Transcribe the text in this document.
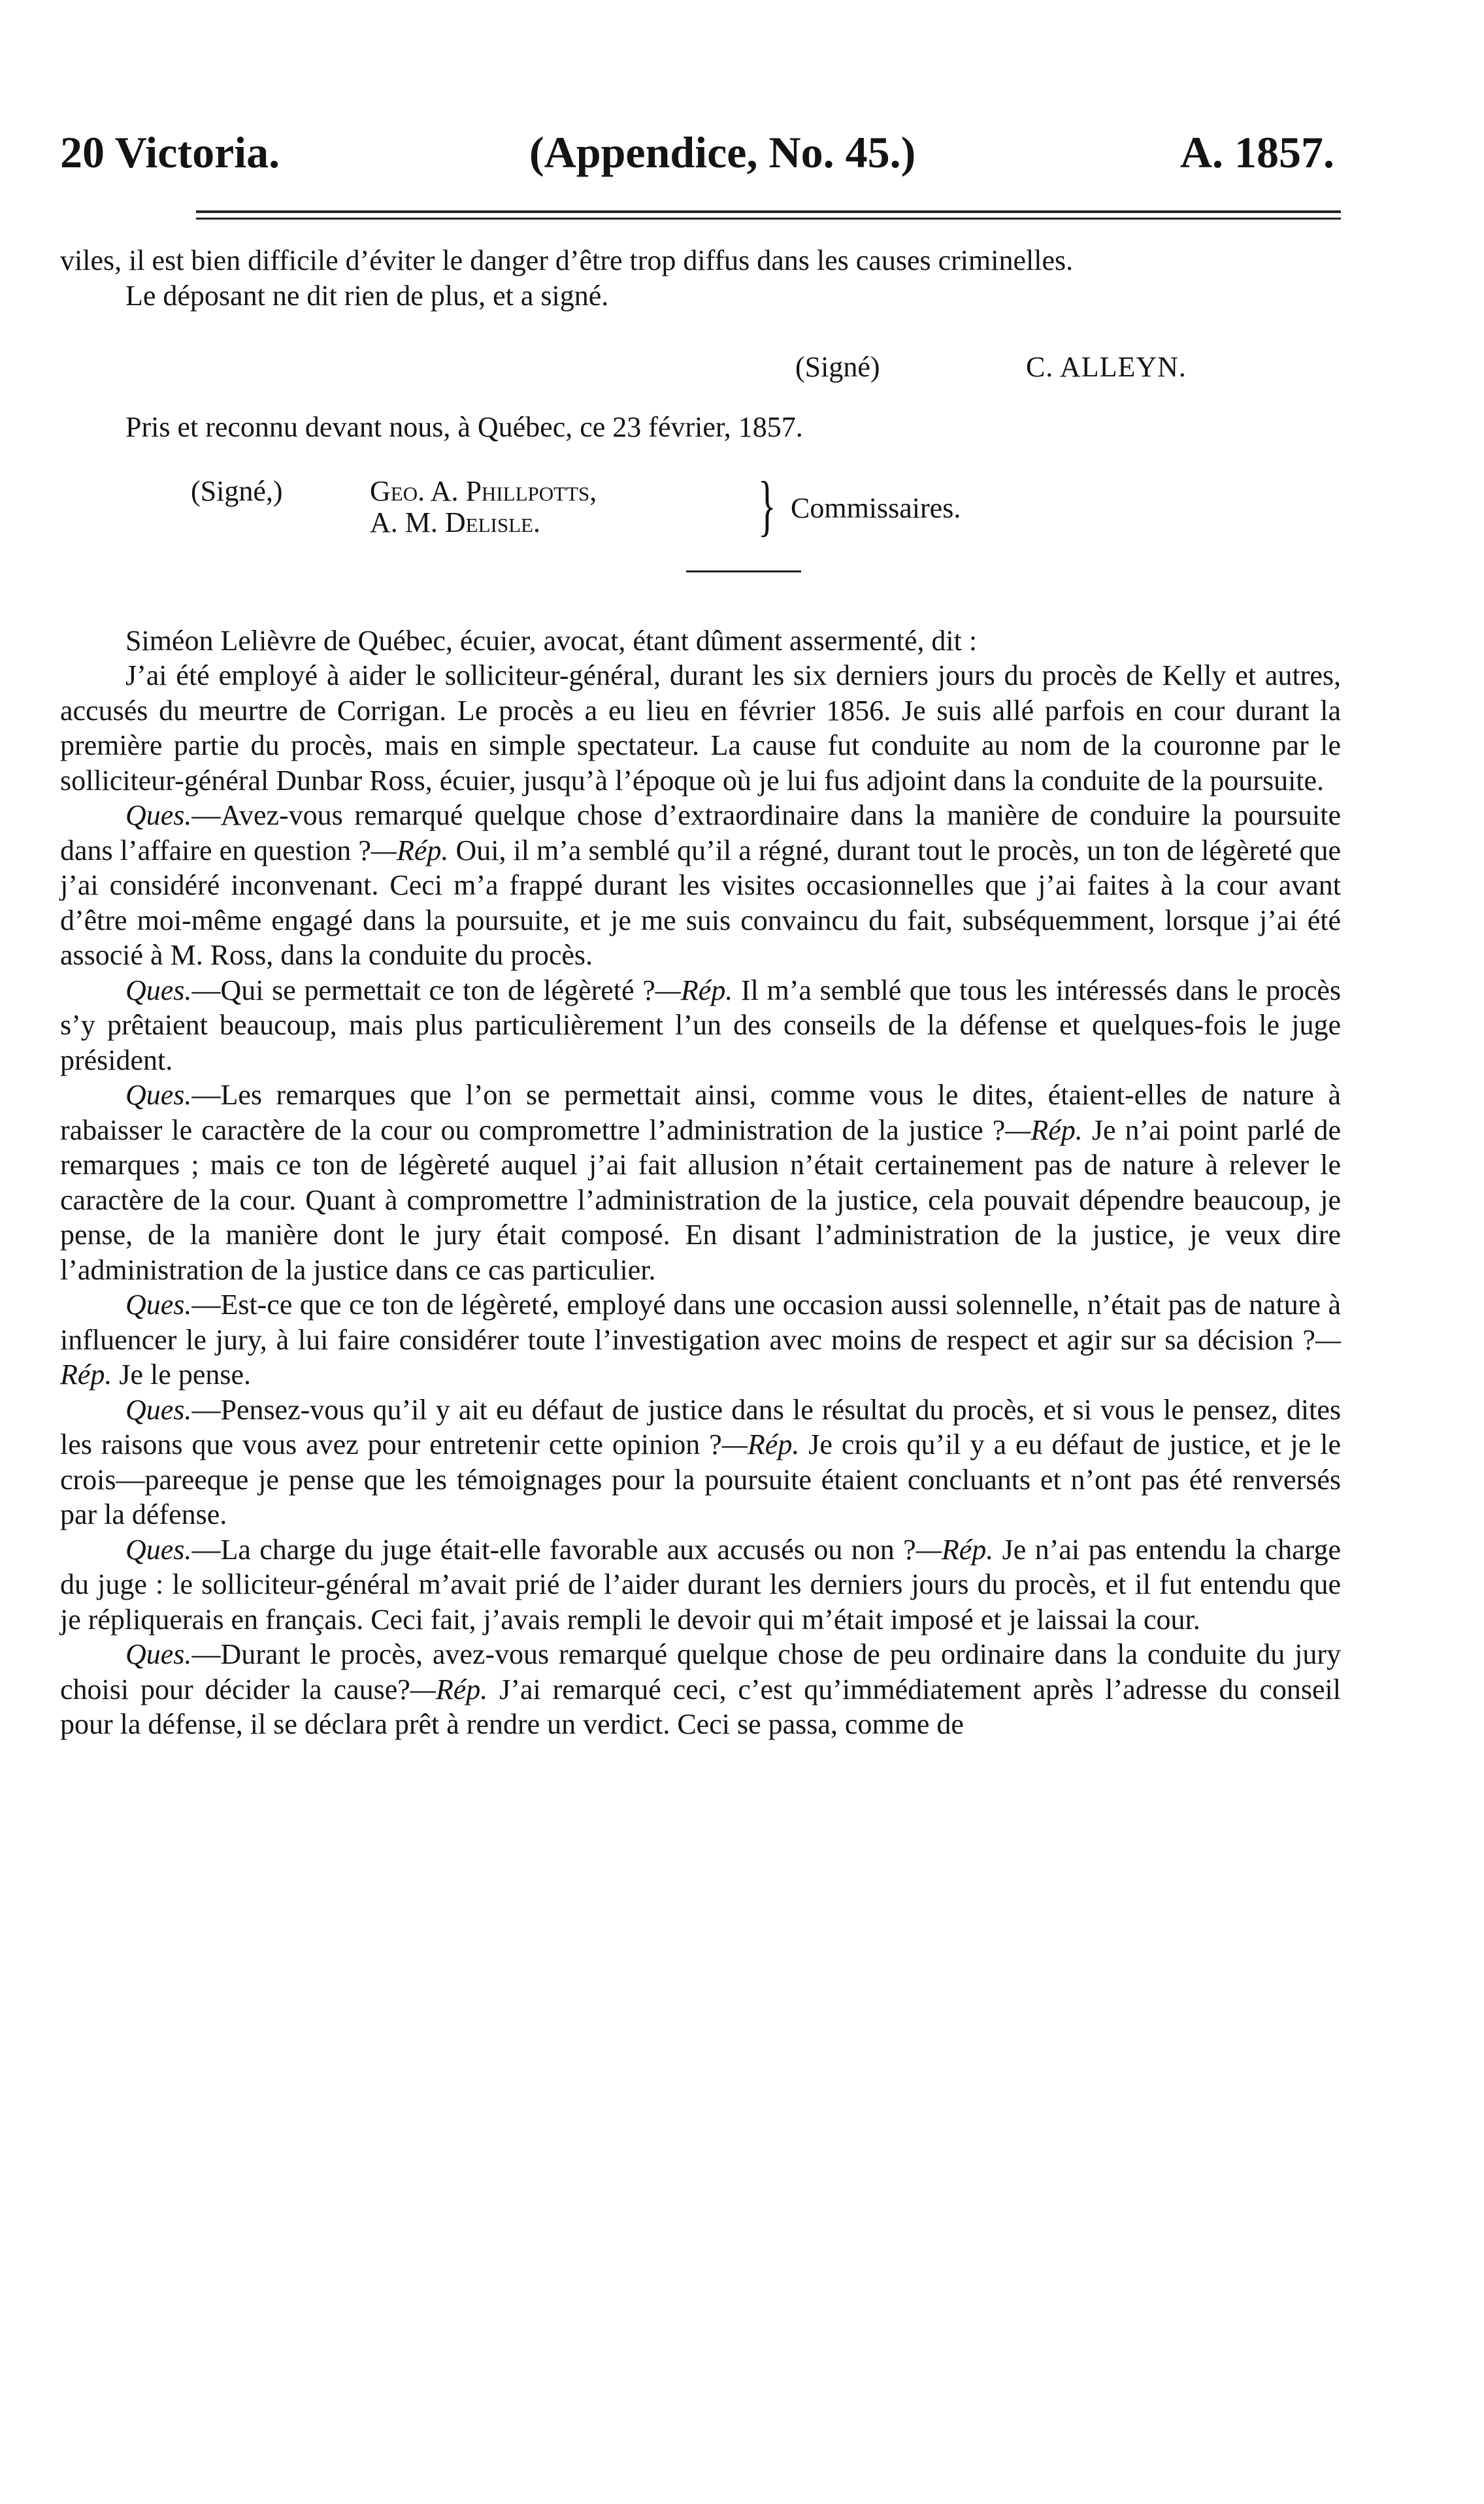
20 Victoria.	(Appendice, No. 45.)	A. 1857.

viles, il est bien difficile d’éviter le danger d’être trop diffus dans les causes criminelles.

Le déposant ne dit rien de plus, et a signé.

(Signé)	C. ALLEYN.

Pris et reconnu devant nous, à Québec, ce 23 février, 1857.

(Signé,)	Geo. A. Phillpotts,
A. M. Delisle.	} Commissaires.

Siméon Lelièvre de Québec, écuier, avocat, étant dûment assermenté, dit :

J’ai été employé à aider le solliciteur-général, durant les six derniers jours du procès de Kelly et autres, accusés du meurtre de Corrigan. Le procès a eu lieu en février 1856. Je suis allé parfois en cour durant la première partie du procès, mais en simple spectateur. La cause fut conduite au nom de la couronne par le solliciteur-général Dunbar Ross, écuier, jusqu’à l’époque où je lui fus adjoint dans la conduite de la poursuite.

Ques.—Avez-vous remarqué quelque chose d’extraordinaire dans la manière de conduire la poursuite dans l’affaire en question ?—Rép. Oui, il m’a semblé qu’il a régné, durant tout le procès, un ton de légèreté que j’ai considéré inconvenant. Ceci m’a frappé durant les visites occasionnelles que j’ai faites à la cour avant d’être moi-même engagé dans la poursuite, et je me suis convaincu du fait, subséquemment, lorsque j’ai été associé à M. Ross, dans la conduite du procès.

Ques.—Qui se permettait ce ton de légèreté ?—Rép. Il m’a semblé que tous les intéressés dans le procès s’y prêtaient beaucoup, mais plus particulièrement l’un des conseils de la défense et quelques-fois le juge président.

Ques.—Les remarques que l’on se permettait ainsi, comme vous le dites, étaient-elles de nature à rabaisser le caractère de la cour ou compromettre l’administration de la justice ?—Rép. Je n’ai point parlé de remarques ; mais ce ton de légèreté auquel j’ai fait allusion n’était certainement pas de nature à relever le caractère de la cour. Quant à compromettre l’administration de la justice, cela pouvait dépendre beaucoup, je pense, de la manière dont le jury était composé. En disant l’administration de la justice, je veux dire l’administration de la justice dans ce cas particulier.

Ques.—Est-ce que ce ton de légèreté, employé dans une occasion aussi solennelle, n’était pas de nature à influencer le jury, à lui faire considérer toute l’investigation avec moins de respect et agir sur sa décision ?—Rép. Je le pense.

Ques.—Pensez-vous qu’il y ait eu défaut de justice dans le résultat du procès, et si vous le pensez, dites les raisons que vous avez pour entretenir cette opinion ?—Rép. Je crois qu’il y a eu défaut de justice, et je le crois—pareeque je pense que les témoignages pour la poursuite étaient concluants et n’ont pas été renversés par la défense.

Ques.—La charge du juge était-elle favorable aux accusés ou non ?—Rép. Je n’ai pas entendu la charge du juge : le solliciteur-général m’avait prié de l’aider durant les derniers jours du procès, et il fut entendu que je répliquerais en français. Ceci fait, j’avais rempli le devoir qui m’était imposé et je laissai la cour.

Ques.—Durant le procès, avez-vous remarqué quelque chose de peu ordinaire dans la conduite du jury choisi pour décider la cause?—Rép. J’ai remarqué ceci, c’est qu’immédiatement après l’adresse du conseil pour la défense, il se déclara prêt à rendre un verdict. Ceci se passa, comme de
